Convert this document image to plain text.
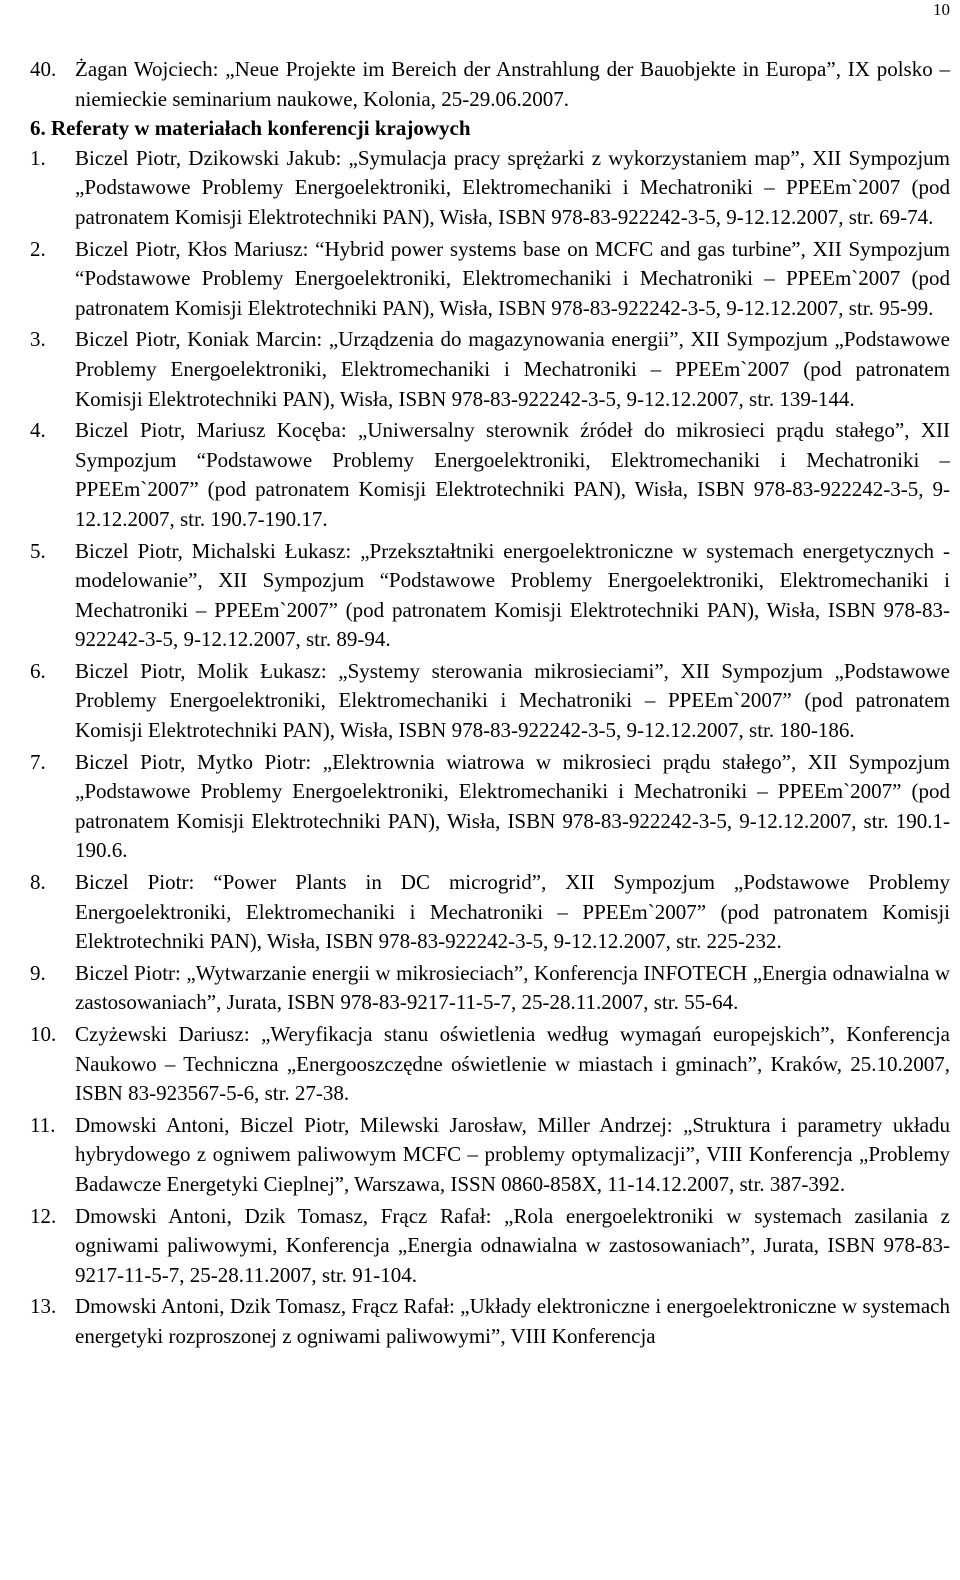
10
40. Żagan Wojciech: „Neue Projekte im Bereich der Anstrahlung der Bauobjekte in Europa”, IX polsko – niemieckie seminarium naukowe, Kolonia, 25-29.06.2007.
6. Referaty w materiałach konferencji krajowych
1.	Biczel Piotr, Dzikowski Jakub: „Symulacja pracy sprężarki z wykorzystaniem map”, XII Sympozjum „Podstawowe Problemy Energoelektroniki, Elektromechaniki i Mechatroniki – PPEEm`2007 (pod patronatem Komisji Elektrotechniki PAN), Wisła, ISBN 978-83-922242-3-5, 9-12.12.2007, str. 69-74.
2.	Biczel Piotr, Kłos Mariusz: “Hybrid power systems base on MCFC and gas turbine”, XII Sympozjum “Podstawowe Problemy Energoelektroniki, Elektromechaniki i Mechatroniki – PPEEm`2007 (pod patronatem Komisji Elektrotechniki PAN), Wisła, ISBN 978-83-922242-3-5, 9-12.12.2007, str. 95-99.
3.	Biczel Piotr, Koniak Marcin: „Urządzenia do magazynowania energii”, XII Sympozjum „Podstawowe Problemy Energoelektroniki, Elektromechaniki i Mechatroniki – PPEEm`2007 (pod patronatem Komisji Elektrotechniki PAN), Wisła, ISBN 978-83-922242-3-5, 9-12.12.2007, str. 139-144.
4.	Biczel Piotr, Mariusz Kocęba: „Uniwersalny sterownik źródeł do mikrosieci prądu stałego”, XII Sympozjum “Podstawowe Problemy Energoelektroniki, Elektromechaniki i Mechatroniki – PPEEm`2007” (pod patronatem Komisji Elektrotechniki PAN), Wisła, ISBN 978-83-922242-3-5, 9-12.12.2007, str. 190.7-190.17.
5.	Biczel Piotr, Michalski Łukasz: „Przekształtniki energoelektroniczne w systemach energetycznych - modelowanie”, XII Sympozjum “Podstawowe Problemy Energoelektroniki, Elektromechaniki i Mechatroniki – PPEEm`2007” (pod patronatem Komisji Elektrotechniki PAN), Wisła, ISBN 978-83-922242-3-5, 9-12.12.2007, str. 89-94.
6.	Biczel Piotr, Molik Łukasz: „Systemy sterowania mikrosieciami”, XII Sympozjum „Podstawowe Problemy Energoelektroniki, Elektromechaniki i Mechatroniki – PPEEm`2007” (pod patronatem Komisji Elektrotechniki PAN), Wisła, ISBN 978-83-922242-3-5, 9-12.12.2007, str. 180-186.
7.	Biczel Piotr, Mytko Piotr: „Elektrownia wiatrowa w mikrosieci prądu stałego”, XII Sympozjum „Podstawowe Problemy Energoelektroniki, Elektromechaniki i Mechatroniki – PPEEm`2007” (pod patronatem Komisji Elektrotechniki PAN), Wisła, ISBN 978-83-922242-3-5, 9-12.12.2007, str. 190.1-190.6.
8.	Biczel Piotr: “Power Plants in DC microgrid”, XII Sympozjum „Podstawowe Problemy Energoelektroniki, Elektromechaniki i Mechatroniki – PPEEm`2007” (pod patronatem Komisji Elektrotechniki PAN), Wisła, ISBN 978-83-922242-3-5, 9-12.12.2007, str. 225-232.
9.	Biczel Piotr: „Wytwarzanie energii w mikrosieciach”, Konferencja INFOTECH „Energia odnawialna w zastosowaniach”, Jurata, ISBN 978-83-9217-11-5-7, 25-28.11.2007, str. 55-64.
10. Czyżewski Dariusz: „Weryfikacja stanu oświetlenia według wymagań europejskich”, Konferencja Naukowo – Techniczna „Energooszczędne oświetlenie w miastach i gminach”, Kraków, 25.10.2007, ISBN 83-923567-5-6, str. 27-38.
11. Dmowski Antoni, Biczel Piotr, Milewski Jarosław, Miller Andrzej: „Struktura i parametry układu hybrydowego z ogniwem paliwowym MCFC – problemy optymalizacji”, VIII Konferencja „Problemy Badawcze Energetyki Cieplnej”, Warszawa, ISSN 0860-858X, 11-14.12.2007, str. 387-392.
12. Dmowski Antoni, Dzik Tomasz, Frącz Rafał: „Rola energoelektroniki w systemach zasilania z ogniwami paliwowymi, Konferencja „Energia odnawialna w zastosowaniach”, Jurata, ISBN 978-83-9217-11-5-7, 25-28.11.2007, str. 91-104.
13. Dmowski Antoni, Dzik Tomasz, Frącz Rafał: „Układy elektroniczne i energoelektroniczne w systemach energetyki rozproszonej z ogniwami paliwowymi”, VIII Konferencja
